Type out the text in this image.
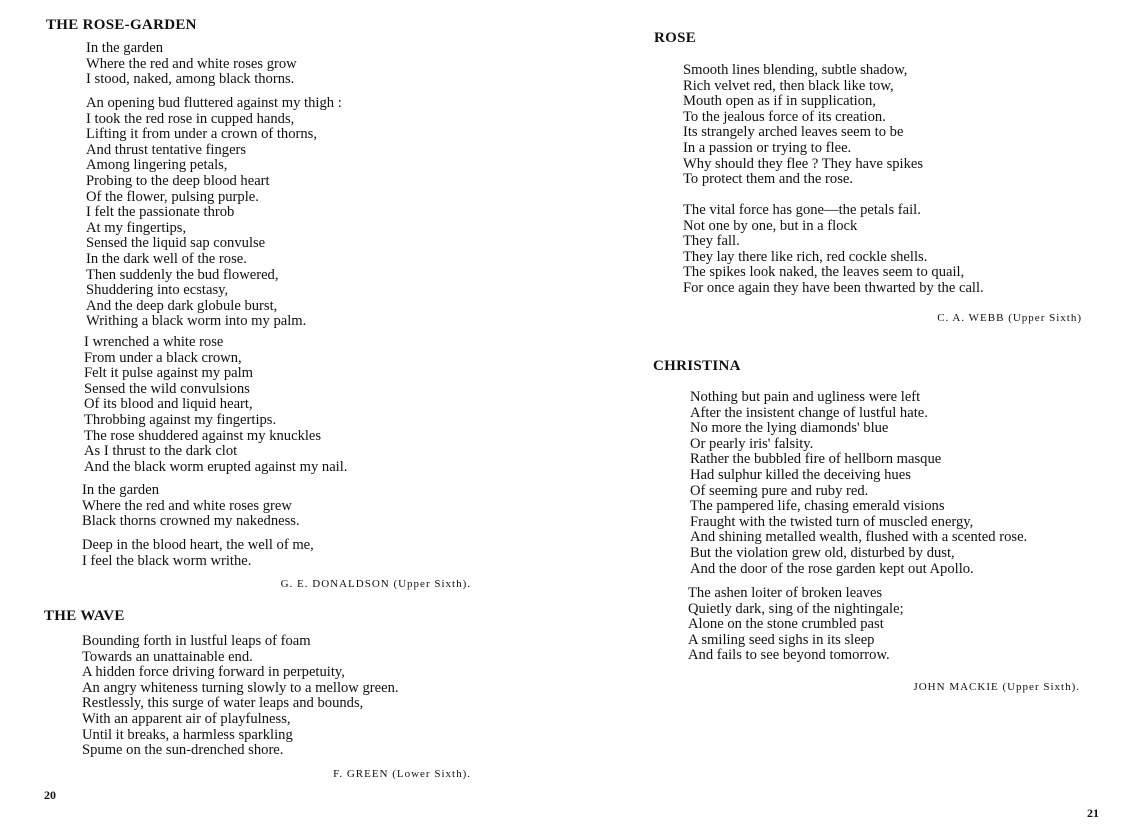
THE ROSE-GARDEN
In the garden
Where the red and white roses grow
I stood, naked, among black thorns.
An opening bud fluttered against my thigh :
I took the red rose in cupped hands,
Lifting it from under a crown of thorns,
And thrust tentative fingers
Among lingering petals,
Probing to the deep blood heart
Of the flower, pulsing purple.
I felt the passionate throb
At my fingertips,
Sensed the liquid sap convulse
In the dark well of the rose.
Then suddenly the bud flowered,
Shuddering into ecstasy,
And the deep dark globule burst,
Writhing a black worm into my palm.
I wrenched a white rose
From under a black crown,
Felt it pulse against my palm
Sensed the wild convulsions
Of its blood and liquid heart,
Throbbing against my fingertips.
The rose shuddered against my knuckles
As I thrust to the dark clot
And the black worm erupted against my nail.
In the garden
Where the red and white roses grew
Black thorns crowned my nakedness.
Deep in the blood heart, the well of me,
I feel the black worm writhe.

G. E. DONALDSON (Upper Sixth).

THE WAVE
Bounding forth in lustful leaps of foam
Towards an unattainable end.
A hidden force driving forward in perpetuity,
An angry whiteness turning slowly to a mellow green.
Restlessly, this surge of water leaps and bounds,
With an apparent air of playfulness,
Until it breaks, a harmless sparkling
Spume on the sun-drenched shore.

F. GREEN (Lower Sixth).

20

ROSE
Smooth lines blending, subtle shadow,
Rich velvet red, then black like tow,
Mouth open as if in supplication,
To the jealous force of its creation.
Its strangely arched leaves seem to be
In a passion or trying to flee.
Why should they flee ? They have spikes
To protect them and the rose.
The vital force has gone—the petals fail.
Not one by one, but in a flock
They fall.
They lay there like rich, red cockle shells.
The spikes look naked, the leaves seem to quail,
For once again they have been thwarted by the call.

C. A. WEBB (Upper Sixth)

CHRISTINA
Nothing but pain and ugliness were left
After the insistent change of lustful hate.
No more the lying diamonds' blue
Or pearly iris' falsity.
Rather the bubbled fire of hellborn masque
Had sulphur killed the deceiving hues
Of seeming pure and ruby red.
The pampered life, chasing emerald visions
Fraught with the twisted turn of muscled energy,
And shining metalled wealth, flushed with a scented rose.
But the violation grew old, disturbed by dust,
And the door of the rose garden kept out Apollo.
The ashen loiter of broken leaves
Quietly dark, sing of the nightingale;
Alone on the stone crumbled past
A smiling seed sighs in its sleep
And fails to see beyond tomorrow.

JOHN MACKIE (Upper Sixth).

21
